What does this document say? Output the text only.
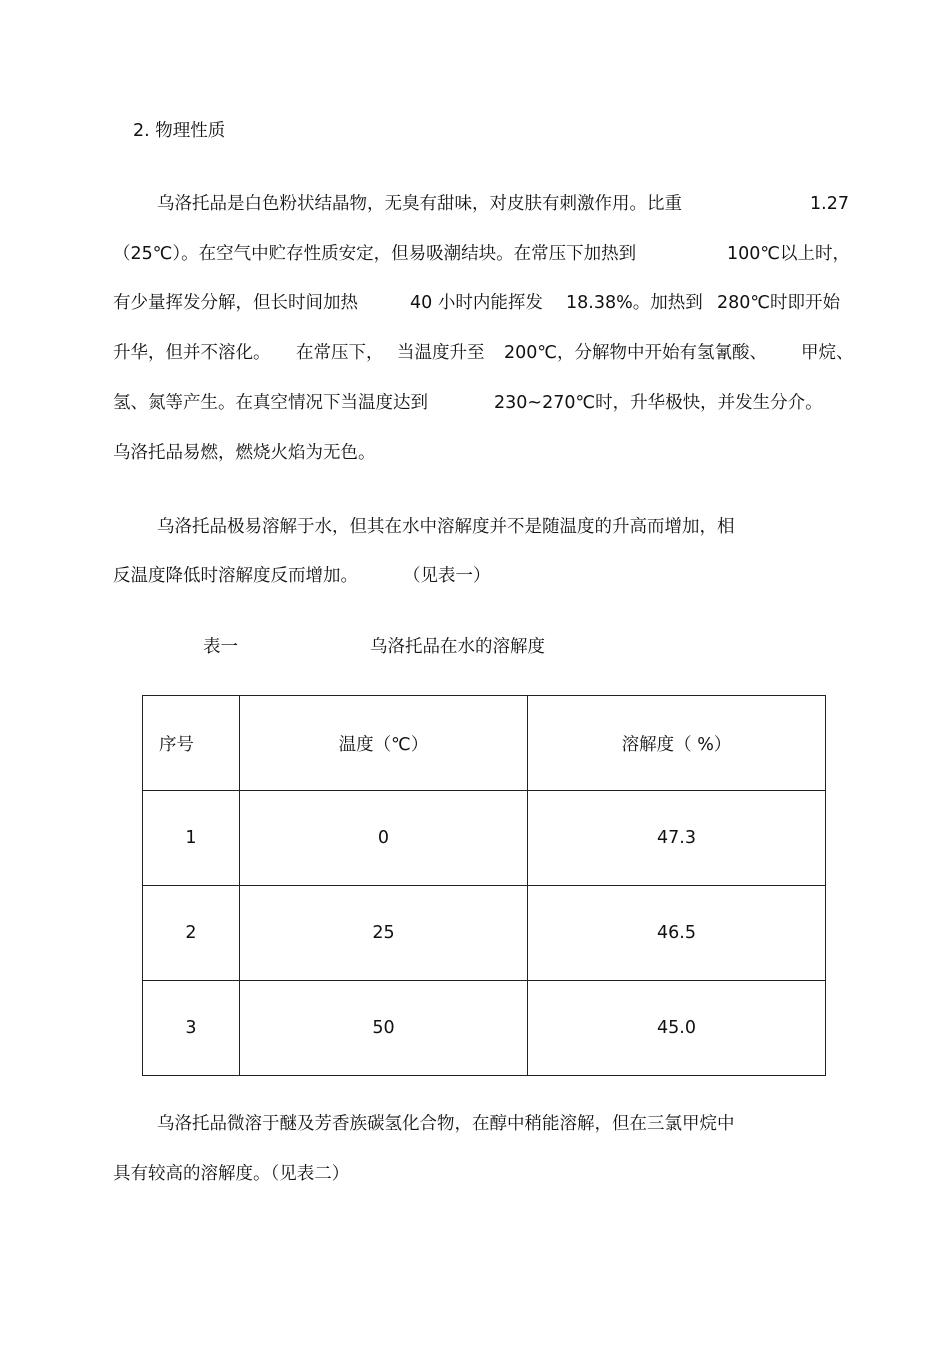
2. 物理性质
乌洛托品是白色粉状结晶物，无臭有甜味，对皮肤有刺激作用。比重	1.27
（25℃）。在空气中贮存性质安定，但易吸潮结块。在常压下加热到	100℃以上时，
有少量挥发分解，但长时间加热	40 小时内能挥发 18.38%。加热到 280℃时即开始
升华，但并不溶化。 在常压下， 当温度升至 200℃，分解物中开始有氢氰酸、 甲烷、
氢、氮等产生。在真空情况下当温度达到	230~270℃时，升华极快，并发生分介。
乌洛托品易燃，燃烧火焰为无色。
乌洛托品极易溶解于水，但其在水中溶解度并不是随温度的升高而增加，相
反温度降低时溶解度反而增加。	（见表一）
表一	乌洛托品在水的溶解度
序号	温度（℃）	溶解度（ %）
1	0	47.3
2	25	46.5
3	50	45.0
乌洛托品微溶于醚及芳香族碳氢化合物，在醇中稍能溶解，但在三氯甲烷中
具有较高的溶解度。（见表二）
